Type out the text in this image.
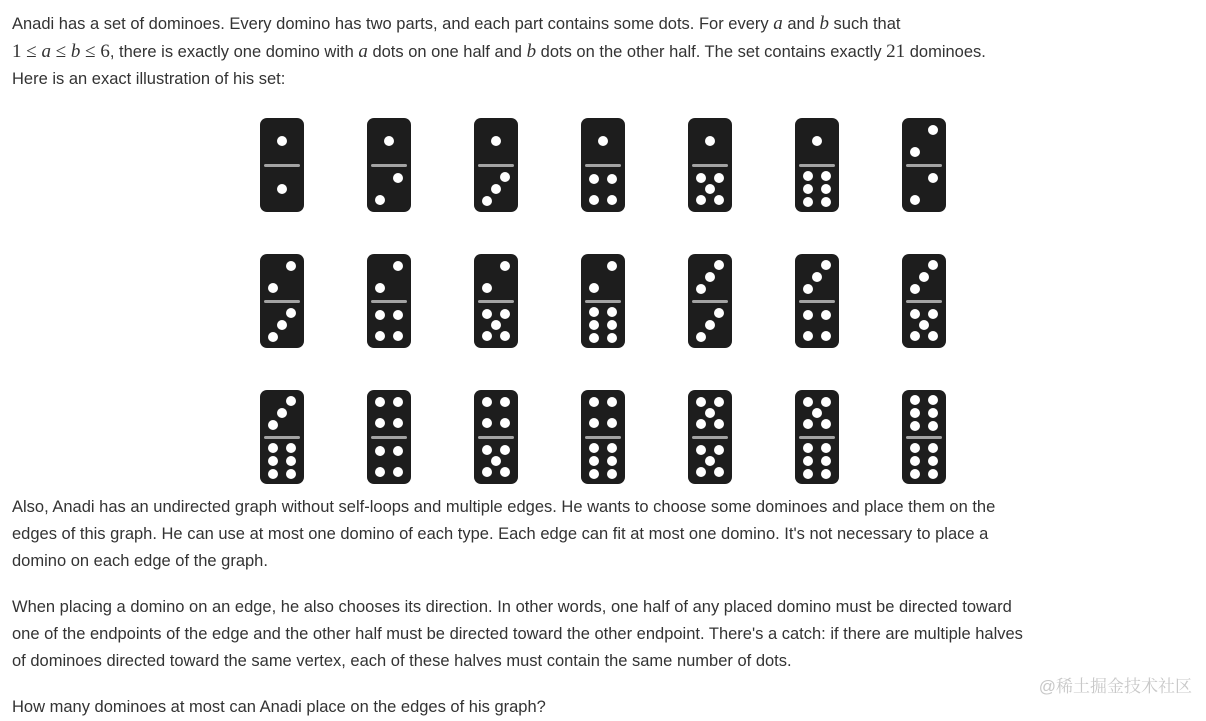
Anadi has a set of dominoes. Every domino has two parts, and each part contains some dots. For every a and b such that
1 ≤ a ≤ b ≤ 6, there is exactly one domino with a dots on one half and b dots on the other half. The set contains exactly 21 dominoes.
Here is an exact illustration of his set:

Also, Anadi has an undirected graph without self-loops and multiple edges. He wants to choose some dominoes and place them on the
edges of this graph. He can use at most one domino of each type. Each edge can fit at most one domino. It's not necessary to place a
domino on each edge of the graph.

When placing a domino on an edge, he also chooses its direction. In other words, one half of any placed domino must be directed toward
one of the endpoints of the edge and the other half must be directed toward the other endpoint. There's a catch: if there are multiple halves
of dominoes directed toward the same vertex, each of these halves must contain the same number of dots.

How many dominoes at most can Anadi place on the edges of his graph?

@稀土掘金技术社区
